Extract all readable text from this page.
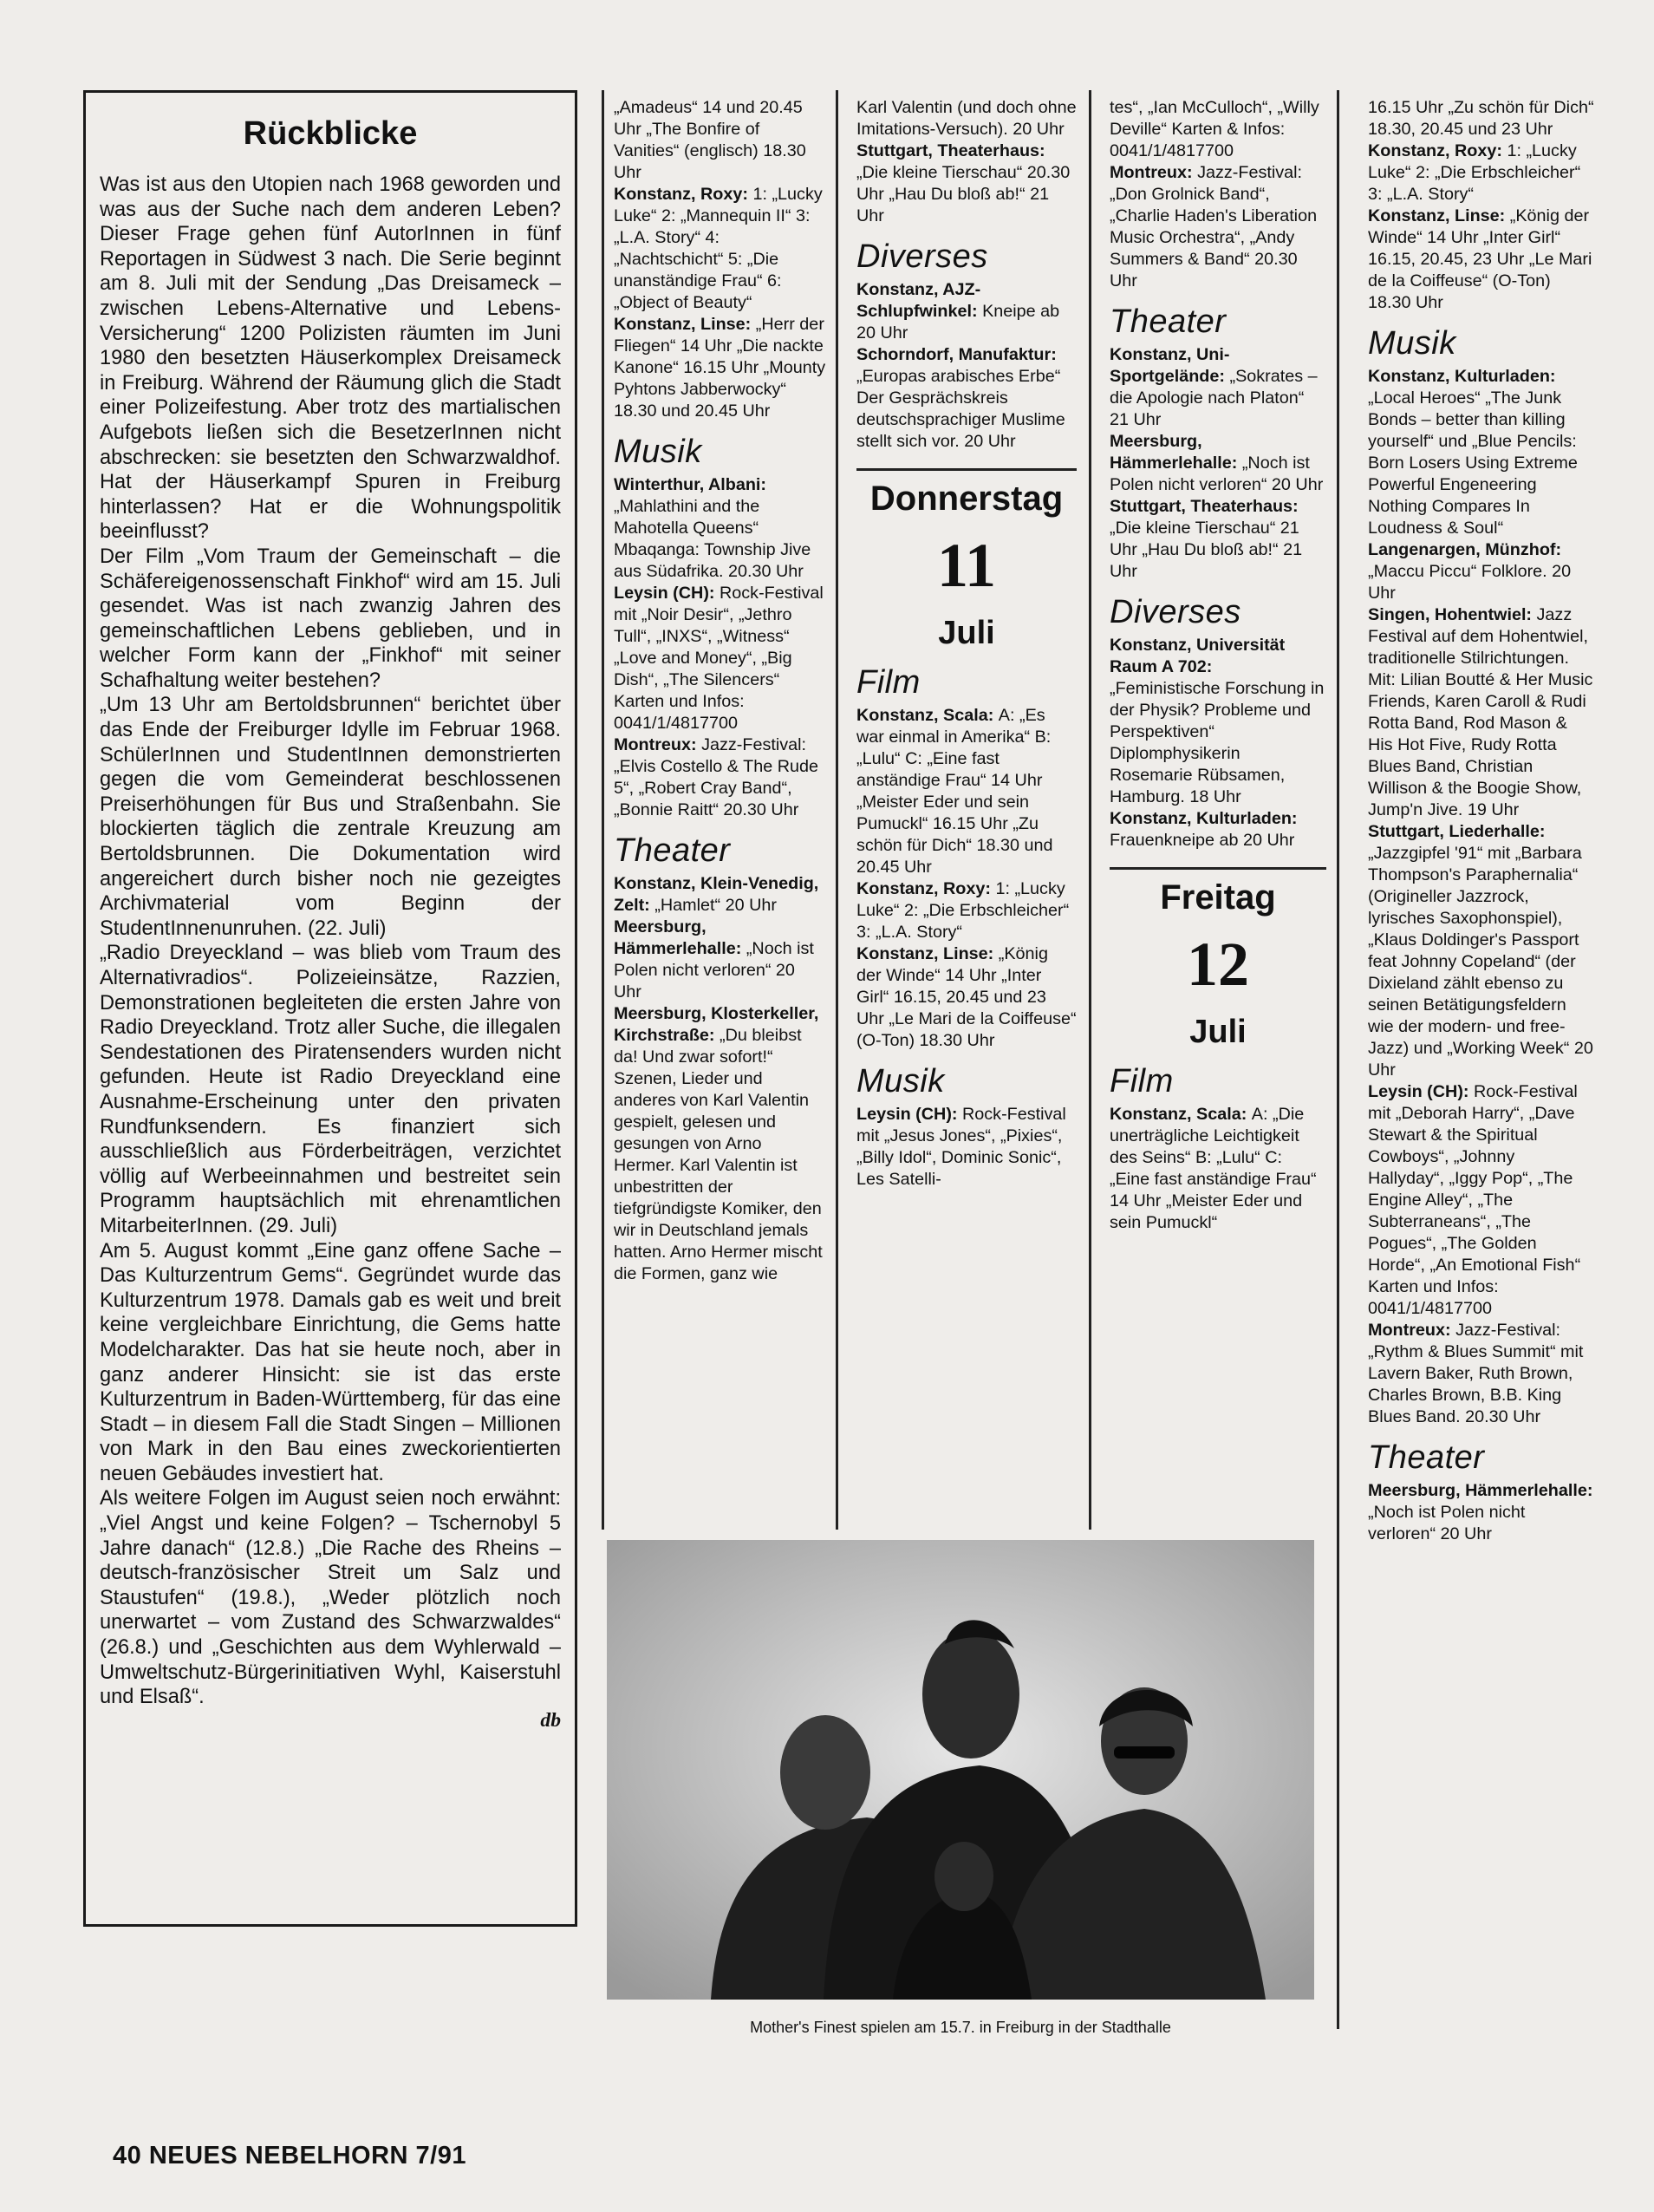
Rückblicke

Was ist aus den Utopien nach 1968 geworden und was aus der Suche nach dem anderen Leben? Dieser Frage gehen fünf AutorInnen in fünf Reportagen in Südwest 3 nach. Die Serie beginnt am 8. Juli mit der Sendung „Das Dreisameck – zwischen Lebens-Alternative und Lebens-Versicherung“ 1200 Polizisten räumten im Juni 1980 den besetzten Häuserkomplex Dreisameck in Freiburg. Während der Räumung glich die Stadt einer Polizeifestung. Aber trotz des martialischen Aufgebots ließen sich die BesetzerInnen nicht abschrecken: sie besetzten den Schwarzwaldhof. Hat der Häuserkampf Spuren in Freiburg hinterlassen? Hat er die Wohnungspolitik beeinflusst?

Der Film „Vom Traum der Gemeinschaft – die Schäfereigenossenschaft Finkhof“ wird am 15. Juli gesendet. Was ist nach zwanzig Jahren des gemeinschaftlichen Lebens geblieben, und in welcher Form kann der „Finkhof“ mit seiner Schafhaltung weiter bestehen?

„Um 13 Uhr am Bertoldsbrunnen“ berichtet über das Ende der Freiburger Idylle im Februar 1968. SchülerInnen und StudentInnen demonstrierten gegen die vom Gemeinderat beschlossenen Preiserhöhungen für Bus und Straßenbahn. Sie blockierten täglich die zentrale Kreuzung am Bertoldsbrunnen. Die Dokumentation wird angereichert durch bisher noch nie gezeigtes Archivmaterial vom Beginn der StudentInnenunruhen. (22. Juli)

„Radio Dreyeckland – was blieb vom Traum des Alternativradios“. Polizeieinsätze, Razzien, Demonstrationen begleiteten die ersten Jahre von Radio Dreyeckland. Trotz aller Suche, die illegalen Sendestationen des Piratensenders wurden nicht gefunden. Heute ist Radio Dreyeckland eine Ausnahme-Erscheinung unter den privaten Rundfunksendern. Es finanziert sich ausschließlich aus Förderbeiträgen, verzichtet völlig auf Werbeeinnahmen und bestreitet sein Programm hauptsächlich mit ehrenamtlichen MitarbeiterInnen. (29. Juli)

Am 5. August kommt „Eine ganz offene Sache – Das Kulturzentrum Gems“. Gegründet wurde das Kulturzentrum 1978. Damals gab es weit und breit keine vergleichbare Einrichtung, die Gems hatte Modelcharakter. Das hat sie heute noch, aber in ganz anderer Hinsicht: sie ist das erste Kulturzentrum in Baden-Württemberg, für das eine Stadt – in diesem Fall die Stadt Singen – Millionen von Mark in den Bau eines zweckorientierten neuen Gebäudes investiert hat.

Als weitere Folgen im August seien noch erwähnt: „Viel Angst und keine Folgen? – Tschernobyl 5 Jahre danach“ (12.8.) „Die Rache des Rheins – deutsch-französischer Streit um Salz und Staustufen“ (19.8.), „Weder plötzlich noch unerwartet – vom Zustand des Schwarzwaldes“ (26.8.) und „Geschichten aus dem Wyhlerwald – Umweltschutz-Bürgerinitiativen Wyhl, Kaiserstuhl und Elsaß“.

db

„Amadeus“ 14 und 20.45 Uhr „The Bonfire of Vanities“ (englisch) 18.30 Uhr

Konstanz, Roxy: 1: „Lucky Luke“ 2: „Mannequin II“ 3: „L.A. Story“ 4: „Nachtschicht“ 5: „Die unanständige Frau“ 6: „Object of Beauty“

Konstanz, Linse: „Herr der Fliegen“ 14 Uhr „Die nackte Kanone“ 16.15 Uhr „Mounty Pyhtons Jabberwocky“ 18.30 und 20.45 Uhr

Musik

Winterthur, Albani: „Mahlathini and the Mahotella Queens“ Mbaqanga: Township Jive aus Südafrika. 20.30 Uhr

Leysin (CH): Rock-Festival mit „Noir Desir“, „Jethro Tull“, „INXS“, „Witness“ „Love and Money“, „Big Dish“, „The Silencers“ Karten und Infos: 0041/1/4817700

Montreux: Jazz-Festival: „Elvis Costello & The Rude 5“, „Robert Cray Band“, „Bonnie Raitt“ 20.30 Uhr

Theater

Konstanz, Klein-Venedig, Zelt: „Hamlet“ 20 Uhr

Meersburg, Hämmerlehalle: „Noch ist Polen nicht verloren“ 20 Uhr

Meersburg, Klosterkeller, Kirchstraße: „Du bleibst da! Und zwar sofort!“ Szenen, Lieder und anderes von Karl Valentin gespielt, gelesen und gesungen von Arno Hermer. Karl Valentin ist unbestritten der tiefgründigste Komiker, den wir in Deutschland jemals hatten. Arno Hermer mischt die Formen, ganz wie

Karl Valentin (und doch ohne Imitations-Versuch). 20 Uhr

Stuttgart, Theaterhaus: „Die kleine Tierschau“ 20.30 Uhr „Hau Du bloß ab!“ 21 Uhr

Diverses

Konstanz, AJZ-Schlupfwinkel: Kneipe ab 20 Uhr

Schorndorf, Manufaktur: „Europas arabisches Erbe“ Der Gesprächskreis deutschsprachiger Muslime stellt sich vor. 20 Uhr

Donnerstag
11
Juli
Film

Konstanz, Scala: A: „Es war einmal in Amerika“ B: „Lulu“ C: „Eine fast anständige Frau“ 14 Uhr „Meister Eder und sein Pumuckl“ 16.15 Uhr „Zu schön für Dich“ 18.30 und 20.45 Uhr

Konstanz, Roxy: 1: „Lucky Luke“ 2: „Die Erbschleicher“ 3: „L.A. Story“

Konstanz, Linse: „König der Winde“ 14 Uhr „Inter Girl“ 16.15, 20.45 und 23 Uhr „Le Mari de la Coiffeuse“ (O-Ton) 18.30 Uhr

Musik

Leysin (CH): Rock-Festival mit „Jesus Jones“, „Pixies“, „Billy Idol“, Dominic Sonic“, Les Satelli-

tes“, „Ian McCulloch“, „Willy Deville“ Karten & Infos: 0041/1/4817700

Montreux: Jazz-Festival: „Don Grolnick Band“, „Charlie Haden's Liberation Music Orchestra“, „Andy Summers & Band“ 20.30 Uhr

Theater

Konstanz, Uni-Sportgelände: „Sokrates – die Apologie nach Platon“ 21 Uhr

Meersburg, Hämmerlehalle: „Noch ist Polen nicht verloren“ 20 Uhr

Stuttgart, Theaterhaus: „Die kleine Tierschau“ 21 Uhr „Hau Du bloß ab!“ 21 Uhr

Diverses

Konstanz, Universität Raum A 702: „Feministische Forschung in der Physik? Probleme und Perspektiven“ Diplomphysikerin Rosemarie Rübsamen, Hamburg. 18 Uhr

Konstanz, Kulturladen: Frauenkneipe ab 20 Uhr

Freitag
12
Juli
Film

Konstanz, Scala: A: „Die unerträgliche Leichtigkeit des Seins“ B: „Lulu“ C: „Eine fast anständige Frau“ 14 Uhr „Meister Eder und sein Pumuckl“

16.15 Uhr „Zu schön für Dich“ 18.30, 20.45 und 23 Uhr

Konstanz, Roxy: 1: „Lucky Luke“ 2: „Die Erbschleicher“ 3: „L.A. Story“

Konstanz, Linse: „König der Winde“ 14 Uhr „Inter Girl“ 16.15, 20.45, 23 Uhr „Le Mari de la Coiffeuse“ (O-Ton) 18.30 Uhr

Musik

Konstanz, Kulturladen: „Local Heroes“ „The Junk Bonds – better than killing yourself“ und „Blue Pencils: Born Losers Using Extreme Powerful Engeneering Nothing Compares In Loudness & Soul“

Langenargen, Münzhof: „Maccu Piccu“ Folklore. 20 Uhr

Singen, Hohentwiel: Jazz Festival auf dem Hohentwiel, traditionelle Stilrichtungen. Mit: Lilian Boutté & Her Music Friends, Karen Caroll & Rudi Rotta Band, Rod Mason & His Hot Five, Rudy Rotta Blues Band, Christian Willison & the Boogie Show, Jump'n Jive. 19 Uhr

Stuttgart, Liederhalle: „Jazzgipfel '91“ mit „Barbara Thompson's Paraphernalia“ (Origineller Jazzrock, lyrisches Saxophonspiel), „Klaus Doldinger's Passport feat Johnny Copeland“ (der Dixieland zählt ebenso zu seinen Betätigungsfeldern wie der modern- und free-Jazz) und „Working Week“ 20 Uhr

Leysin (CH): Rock-Festival mit „Deborah Harry“, „Dave Stewart & the Spiritual Cowboys“, „Johnny Hallyday“, „Iggy Pop“, „The Engine Alley“, „The Subterraneans“, „The Pogues“, „The Golden Horde“, „An Emotional Fish“ Karten und Infos: 0041/1/4817700

Montreux: Jazz-Festival: „Rythm & Blues Summit“ mit Lavern Baker, Ruth Brown, Charles Brown, B.B. King Blues Band. 20.30 Uhr

Theater

Meersburg, Hämmerlehalle: „Noch ist Polen nicht verloren“ 20 Uhr

Mother's Finest spielen am 15.7. in Freiburg in der Stadthalle
40 NEUES NEBELHORN 7/91
